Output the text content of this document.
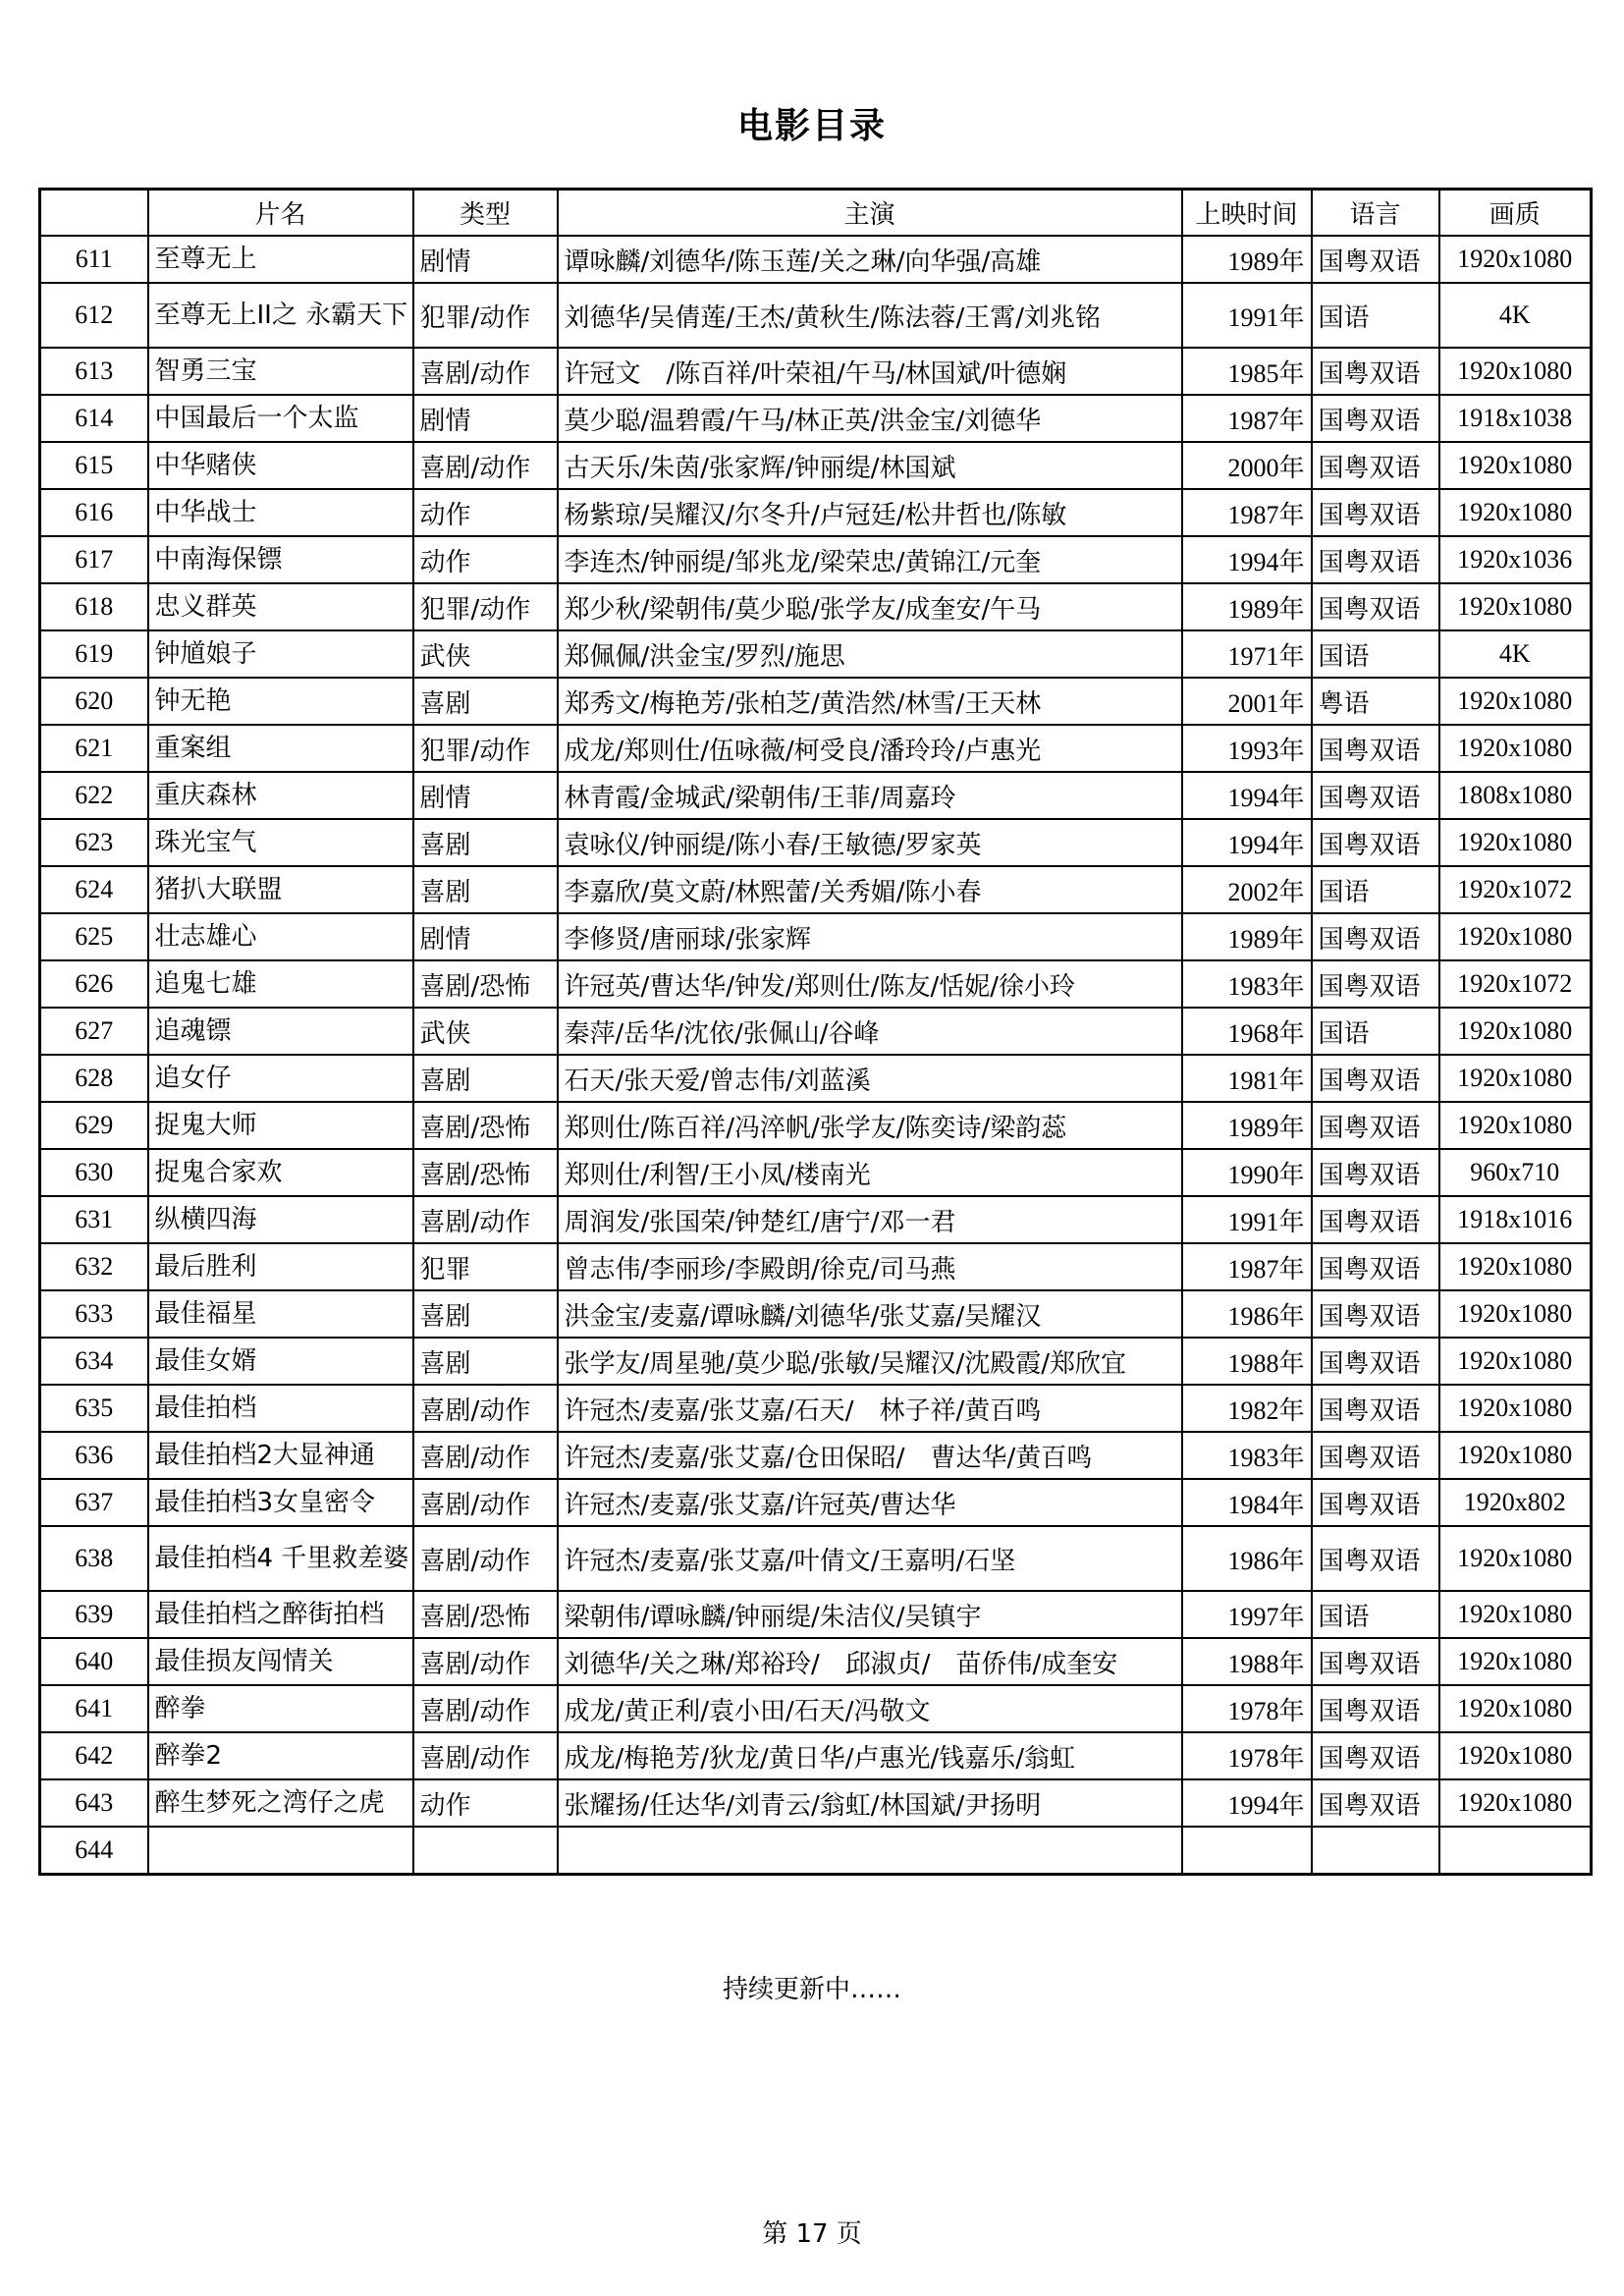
电影目录
	片名	类型	主演	上映时间	语言	画质
611	至尊无上	剧情	谭咏麟/刘德华/陈玉莲/关之琳/向华强/高雄	1989年	国粤双语	1920x1080
612	至尊无上II之 永霸天下	犯罪/动作	刘德华/吴倩莲/王杰/黄秋生/陈法蓉/王霄/刘兆铭	1991年	国语	4K
613	智勇三宝	喜剧/动作	许冠文　/陈百祥/叶荣祖/午马/林国斌/叶德娴	1985年	国粤双语	1920x1080
614	中国最后一个太监	剧情	莫少聪/温碧霞/午马/林正英/洪金宝/刘德华	1987年	国粤双语	1918x1038
615	中华赌侠	喜剧/动作	古天乐/朱茵/张家辉/钟丽缇/林国斌	2000年	国粤双语	1920x1080
616	中华战士	动作	杨紫琼/吴耀汉/尔冬升/卢冠廷/松井哲也/陈敏	1987年	国粤双语	1920x1080
617	中南海保镖	动作	李连杰/钟丽缇/邹兆龙/梁荣忠/黄锦江/元奎	1994年	国粤双语	1920x1036
618	忠义群英	犯罪/动作	郑少秋/梁朝伟/莫少聪/张学友/成奎安/午马	1989年	国粤双语	1920x1080
619	钟馗娘子	武侠	郑佩佩/洪金宝/罗烈/施思	1971年	国语	4K
620	钟无艳	喜剧	郑秀文/梅艳芳/张柏芝/黄浩然/林雪/王天林	2001年	粤语	1920x1080
621	重案组	犯罪/动作	成龙/郑则仕/伍咏薇/柯受良/潘玲玲/卢惠光	1993年	国粤双语	1920x1080
622	重庆森林	剧情	林青霞/金城武/梁朝伟/王菲/周嘉玲	1994年	国粤双语	1808x1080
623	珠光宝气	喜剧	袁咏仪/钟丽缇/陈小春/王敏德/罗家英	1994年	国粤双语	1920x1080
624	猪扒大联盟	喜剧	李嘉欣/莫文蔚/林熙蕾/关秀媚/陈小春	2002年	国语	1920x1072
625	壮志雄心	剧情	李修贤/唐丽球/张家辉	1989年	国粤双语	1920x1080
626	追鬼七雄	喜剧/恐怖	许冠英/曹达华/钟发/郑则仕/陈友/恬妮/徐小玲	1983年	国粤双语	1920x1072
627	追魂镖	武侠	秦萍/岳华/沈依/张佩山/谷峰	1968年	国语	1920x1080
628	追女仔	喜剧	石天/张天爱/曾志伟/刘蓝溪	1981年	国粤双语	1920x1080
629	捉鬼大师	喜剧/恐怖	郑则仕/陈百祥/冯淬帆/张学友/陈奕诗/梁韵蕊	1989年	国粤双语	1920x1080
630	捉鬼合家欢	喜剧/恐怖	郑则仕/利智/王小凤/楼南光	1990年	国粤双语	960x710
631	纵横四海	喜剧/动作	周润发/张国荣/钟楚红/唐宁/邓一君	1991年	国粤双语	1918x1016
632	最后胜利	犯罪	曾志伟/李丽珍/李殿朗/徐克/司马燕	1987年	国粤双语	1920x1080
633	最佳福星	喜剧	洪金宝/麦嘉/谭咏麟/刘德华/张艾嘉/吴耀汉	1986年	国粤双语	1920x1080
634	最佳女婿	喜剧	张学友/周星驰/莫少聪/张敏/吴耀汉/沈殿霞/郑欣宜	1988年	国粤双语	1920x1080
635	最佳拍档	喜剧/动作	许冠杰/麦嘉/张艾嘉/石天/　林子祥/黄百鸣	1982年	国粤双语	1920x1080
636	最佳拍档2大显神通	喜剧/动作	许冠杰/麦嘉/张艾嘉/仓田保昭/　曹达华/黄百鸣	1983年	国粤双语	1920x1080
637	最佳拍档3女皇密令	喜剧/动作	许冠杰/麦嘉/张艾嘉/许冠英/曹达华	1984年	国粤双语	1920x802
638	最佳拍档4 千里救差婆	喜剧/动作	许冠杰/麦嘉/张艾嘉/叶倩文/王嘉明/石坚	1986年	国粤双语	1920x1080
639	最佳拍档之醉街拍档	喜剧/恐怖	梁朝伟/谭咏麟/钟丽缇/朱洁仪/吴镇宇	1997年	国语	1920x1080
640	最佳损友闯情关	喜剧/动作	刘德华/关之琳/郑裕玲/　邱淑贞/　苗侨伟/成奎安	1988年	国粤双语	1920x1080
641	醉拳	喜剧/动作	成龙/黄正利/袁小田/石天/冯敬文	1978年	国粤双语	1920x1080
642	醉拳2	喜剧/动作	成龙/梅艳芳/狄龙/黄日华/卢惠光/钱嘉乐/翁虹	1978年	国粤双语	1920x1080
643	醉生梦死之湾仔之虎	动作	张耀扬/任达华/刘青云/翁虹/林国斌/尹扬明	1994年	国粤双语	1920x1080
644						
持续更新中……
第 17 页
